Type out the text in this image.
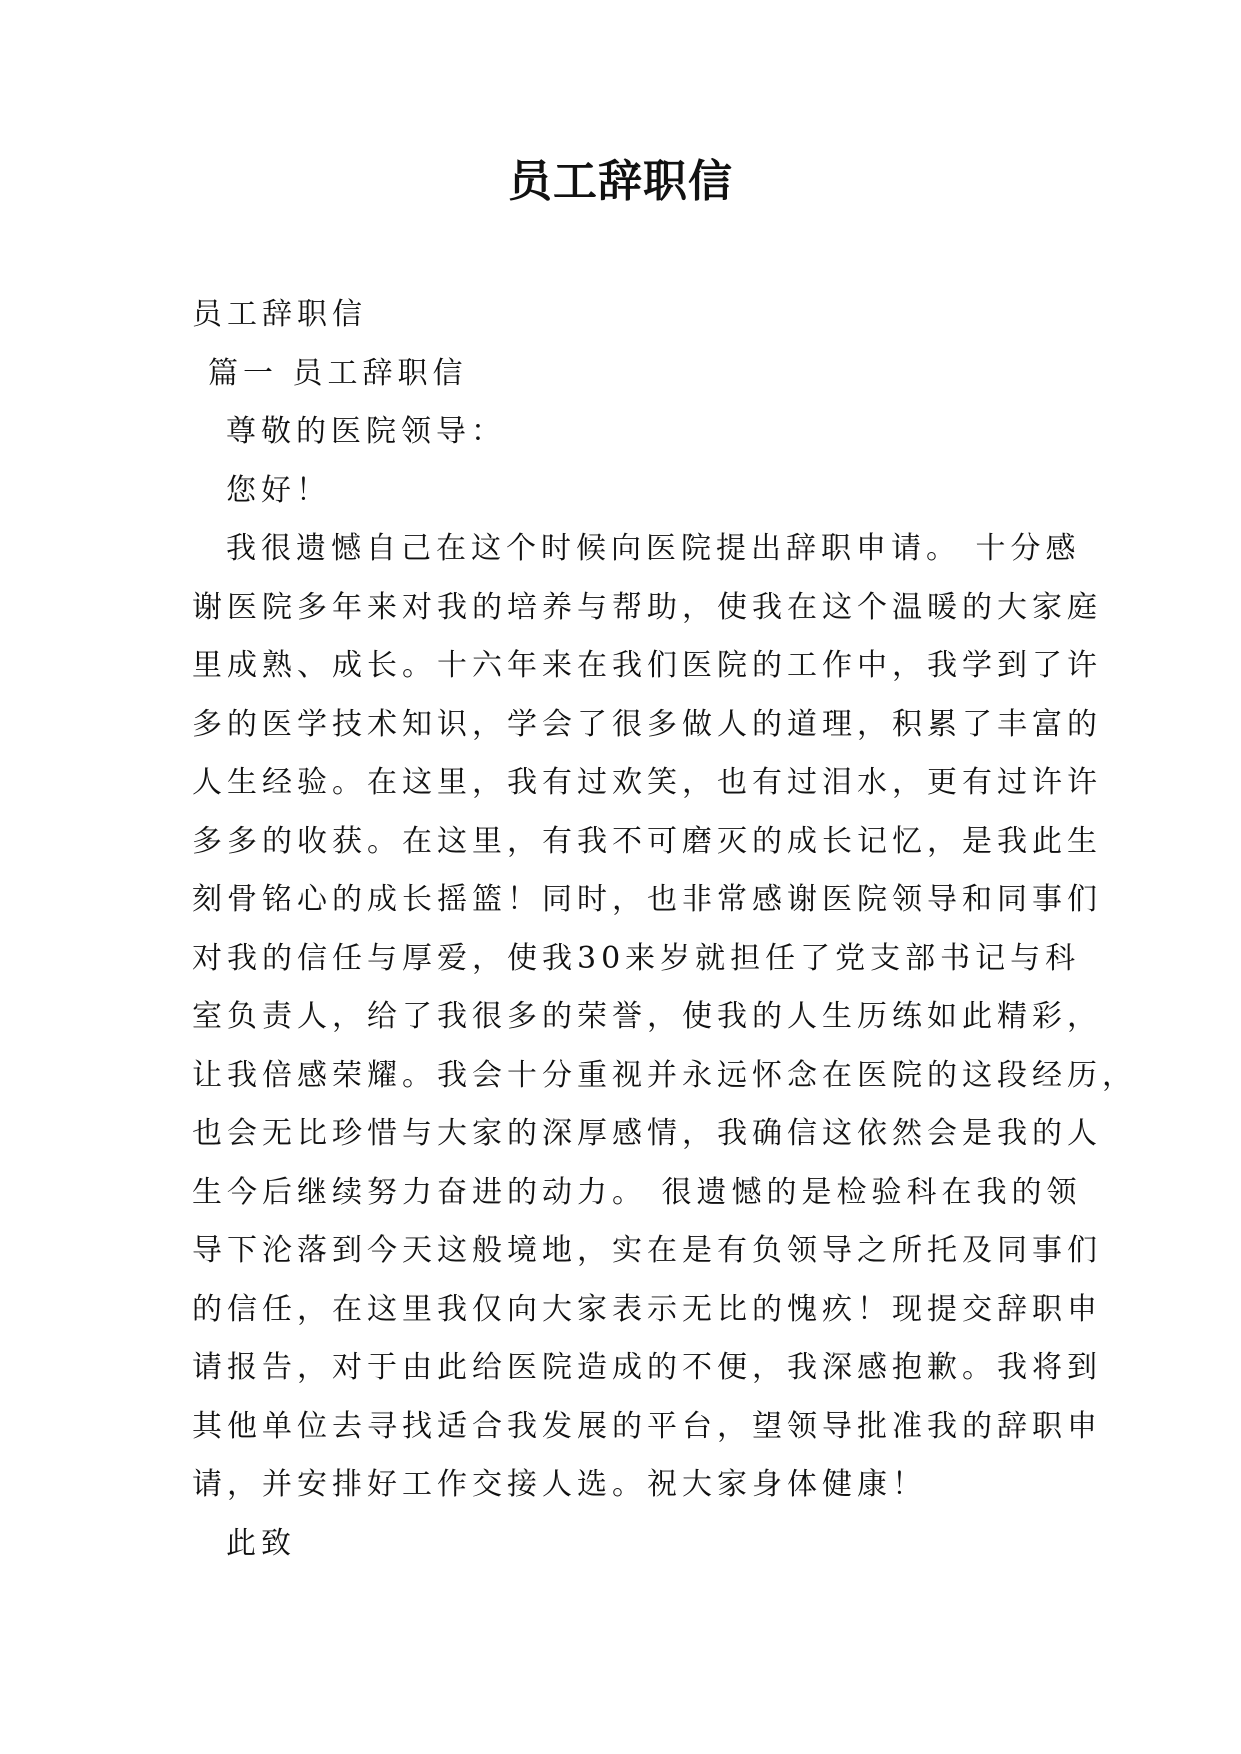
员工辞职信
员工辞职信
篇一 员工辞职信
尊敬的医院领导：
您好！
我很遗憾自己在这个时候向医院提出辞职申请。 十分感
谢医院多年来对我的培养与帮助，使我在这个温暖的大家庭
里成熟、成长。十六年来在我们医院的工作中，我学到了许
多的医学技术知识，学会了很多做人的道理，积累了丰富的
人生经验。在这里，我有过欢笑，也有过泪水，更有过许许
多多的收获。在这里，有我不可磨灭的成长记忆，是我此生
刻骨铭心的成长摇篮！同时，也非常感谢医院领导和同事们
对我的信任与厚爱，使我30来岁就担任了党支部书记与科
室负责人，给了我很多的荣誉，使我的人生历练如此精彩，
让我倍感荣耀。我会十分重视并永远怀念在医院的这段经历，
也会无比珍惜与大家的深厚感情，我确信这依然会是我的人
生今后继续努力奋进的动力。 很遗憾的是检验科在我的领
导下沦落到今天这般境地，实在是有负领导之所托及同事们
的信任，在这里我仅向大家表示无比的愧疚！现提交辞职申
请报告，对于由此给医院造成的不便，我深感抱歉。我将到
其他单位去寻找适合我发展的平台，望领导批准我的辞职申
请，并安排好工作交接人选。祝大家身体健康！
此致
